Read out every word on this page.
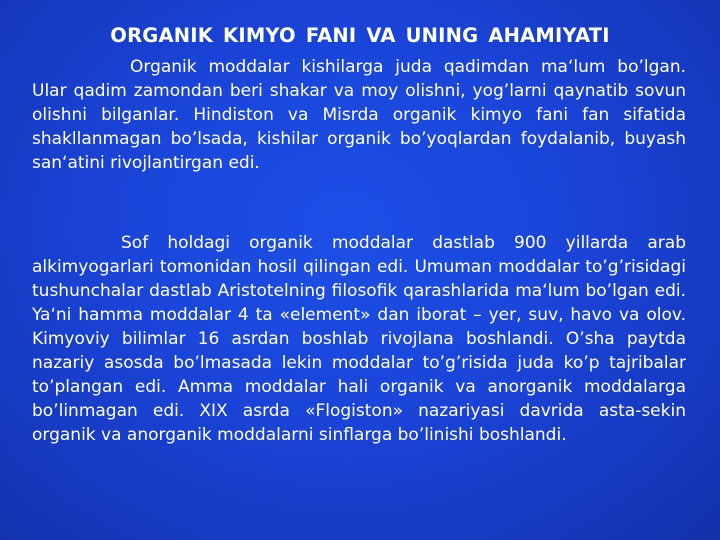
ORGANIK KIMYO FANI VA UNING AHAMIYATI

Organik moddalar kishilarga juda qadimdan ma‘lum bo’lgan. Ular qadim zamondan beri shakar va moy olishni, yog’larni qaynatib sovun olishni bilganlar. Hindiston va Misrda organik kimyo fani fan sifatida shakllanmagan bo’lsada, kishilar organik bo’yoqlardan foydalanib, buyash san‘atini rivojlantirgan edi.

Sof holdagi organik moddalar dastlab 900 yillarda arab alkimyogarlari tomonidan hosil qilingan edi. Umuman moddalar to’g’risidagi tushunchalar dastlab Aristotelning filosofik qarashlarida ma‘lum bo’lgan edi. Ya‘ni hamma moddalar 4 ta «element» dan iborat – yer, suv, havo va olov. Kimyoviy bilimlar 16 asrdan boshlab rivojlana boshlandi. O’sha paytda nazariy asosda bo’lmasada lekin moddalar to’g’risida juda ko’p tajribalar to’plangan edi. Amma moddalar hali organik va anorganik moddalarga bo’linmagan edi. XIX asrda «Flogiston» nazariyasi davrida asta-sekin organik va anorganik moddalarni sinflarga bo’linishi boshlandi.
